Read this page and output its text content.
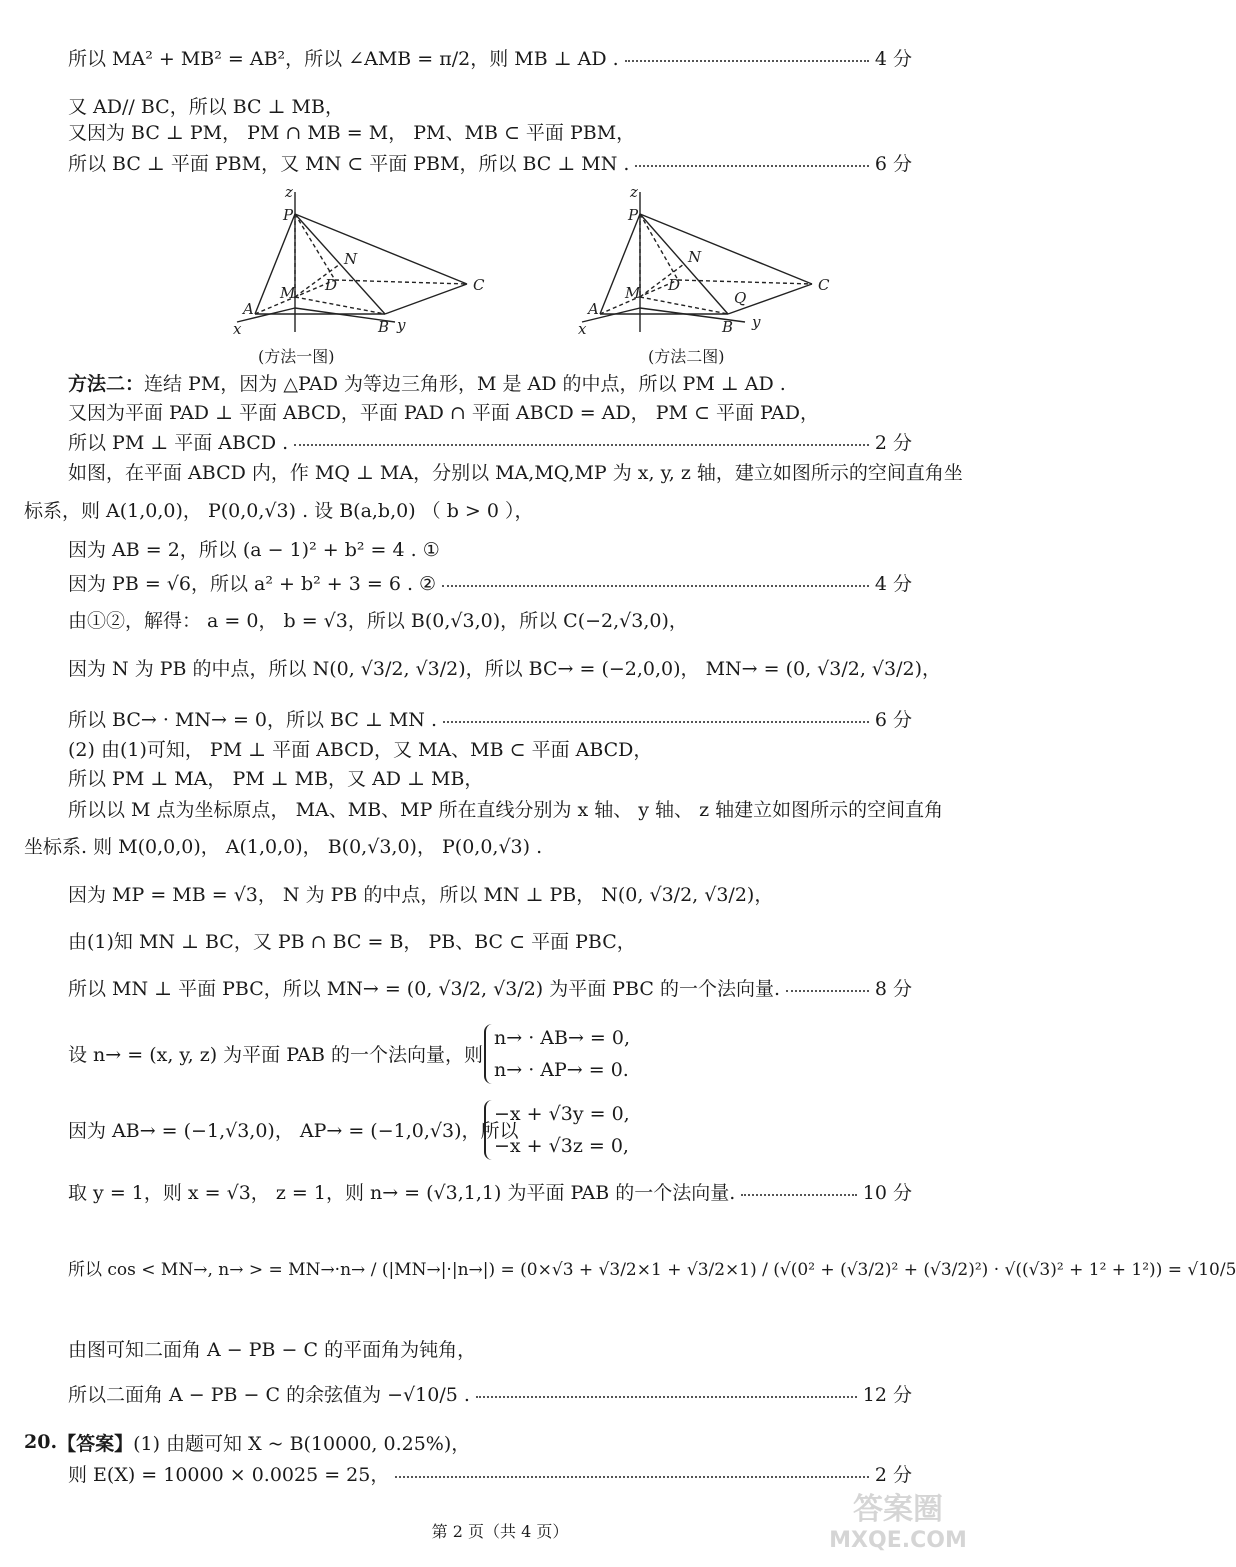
所以 MA² + MB² = AB²，所以 ∠AMB = π/2，则 MB ⊥ AD .	4 分
又 AD// BC，所以 BC ⊥ MB，
又因为 BC ⊥ PM， PM ∩ MB = M， PM、MB ⊂ 平面 PBM，
所以 BC ⊥ 平面 PBM，又 MN ⊂ 平面 PBM，所以 BC ⊥ MN .	6 分
z
P
N
D
M
A
x	B y
C
(方法一图)
z
P
N
D
M
A
x	B y
C
Q
(方法二图)
方法二： 连结 PM，因为 △PAD 为等边三角形，M 是 AD 的中点，所以 PM ⊥ AD .
又因为平面 PAD ⊥ 平面 ABCD，平面 PAD ∩ 平面 ABCD = AD， PM ⊂ 平面 PAD，
所以 PM ⊥ 平面 ABCD .	2 分
如图，在平面 ABCD 内，作 MQ ⊥ MA，分别以 MA,MQ,MP 为 x, y, z 轴，建立如图所示的空间直角坐
标系，则 A(1,0,0)， P(0,0,√3) . 设 B(a,b,0) （ b > 0 ），
因为 AB = 2，所以 (a − 1)² + b² = 4 . ①
因为 PB = √6，所以 a² + b² + 3 = 6 . ②	4 分
由①②，解得： a = 0， b = √3，所以 B(0,√3,0)，所以 C(−2,√3,0)，
因为 N 为 PB 的中点，所以 N(0, √3/2, √3/2)，所以 BC→ = (−2,0,0)， MN→ = (0, √3/2, √3/2)，
所以 BC→ · MN→ = 0，所以 BC ⊥ MN .	6 分
(2) 由(1)可知， PM ⊥ 平面 ABCD，又 MA、MB ⊂ 平面 ABCD，
所以 PM ⊥ MA， PM ⊥ MB，又 AD ⊥ MB，
所以以 M 点为坐标原点， MA、MB、MP 所在直线分别为 x 轴、 y 轴、 z 轴建立如图所示的空间直角
坐标系. 则 M(0,0,0)， A(1,0,0)， B(0,√3,0)， P(0,0,√3) .
因为 MP = MB = √3， N 为 PB 的中点，所以 MN ⊥ PB， N(0, √3/2, √3/2)，
由(1)知 MN ⊥ BC，又 PB ∩ BC = B， PB、BC ⊂ 平面 PBC，
所以 MN ⊥ 平面 PBC，所以 MN→ = (0, √3/2, √3/2) 为平面 PBC 的一个法向量.	8 分
设 n→ = (x, y, z) 为平面 PAB 的一个法向量，则
n→ · AB→ = 0,
n→ · AP→ = 0.
因为 AB→ = (−1,√3,0)， AP→ = (−1,0,√3)，所以
−x + √3y = 0,
−x + √3z = 0,
取 y = 1，则 x = √3， z = 1，则 n→ = (√3,1,1) 为平面 PAB 的一个法向量.	10 分
所以 cos < MN→, n→ > = MN→·n→ / (|MN→|·|n→|) = (0×√3 + √3/2×1 + √3/2×1) / (√(0² + (√3/2)² + (√3/2)²) · √((√3)² + 1² + 1²)) = √10/5
由图可知二面角 A − PB − C 的平面角为钝角，
所以二面角 A − PB − C 的余弦值为 −√10/5 .	12 分
20. 【答案】 (1) 由题可知 X ~ B(10000, 0.25%)，
则 E(X) = 10000 × 0.0025 = 25，	2 分
第 2 页（共 4 页）
答案圈
MXQE.COM
